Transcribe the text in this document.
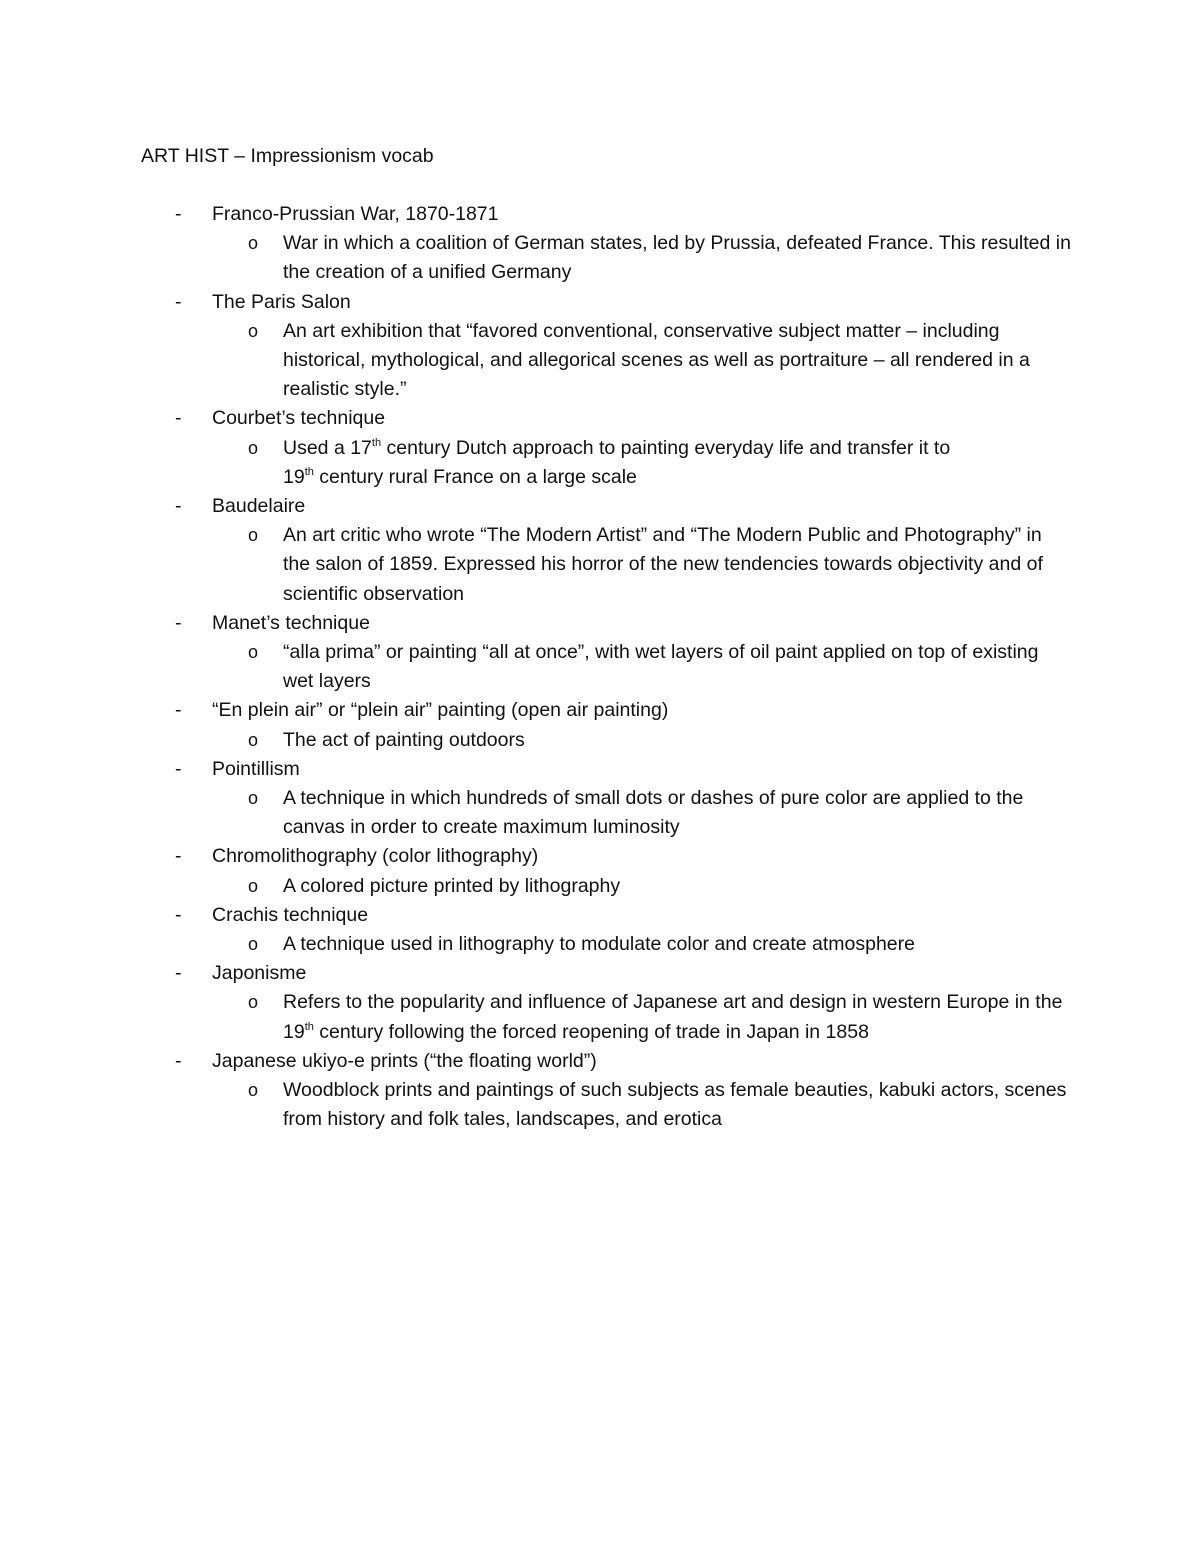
ART HIST – Impressionism vocab
- Franco-Prussian War, 1870-1871
o War in which a coalition of German states, led by Prussia, defeated France. This resulted in the creation of a unified Germany
- The Paris Salon
o An art exhibition that “favored conventional, conservative subject matter – including historical, mythological, and allegorical scenes as well as portraiture – all rendered in a realistic style.”
- Courbet’s technique
o Used a 17th century Dutch approach to painting everyday life and transfer it to
19th century rural France on a large scale
- Baudelaire
o An art critic who wrote “The Modern Artist” and “The Modern Public and Photography” in the salon of 1859. Expressed his horror of the new tendencies towards objectivity and of scientific observation
- Manet’s technique
o “alla prima” or painting “all at once”, with wet layers of oil paint applied on top of existing wet layers
- “En plein air” or “plein air” painting (open air painting)
o The act of painting outdoors
- Pointillism
o A technique in which hundreds of small dots or dashes of pure color are applied to the canvas in order to create maximum luminosity
- Chromolithography (color lithography)
o A colored picture printed by lithography
- Crachis technique
o A technique used in lithography to modulate color and create atmosphere
- Japonisme
o Refers to the popularity and influence of Japanese art and design in western Europe in the 19th century following the forced reopening of trade in Japan in 1858
- Japanese ukiyo-e prints (“the floating world”)
o Woodblock prints and paintings of such subjects as female beauties, kabuki actors, scenes from history and folk tales, landscapes, and erotica
